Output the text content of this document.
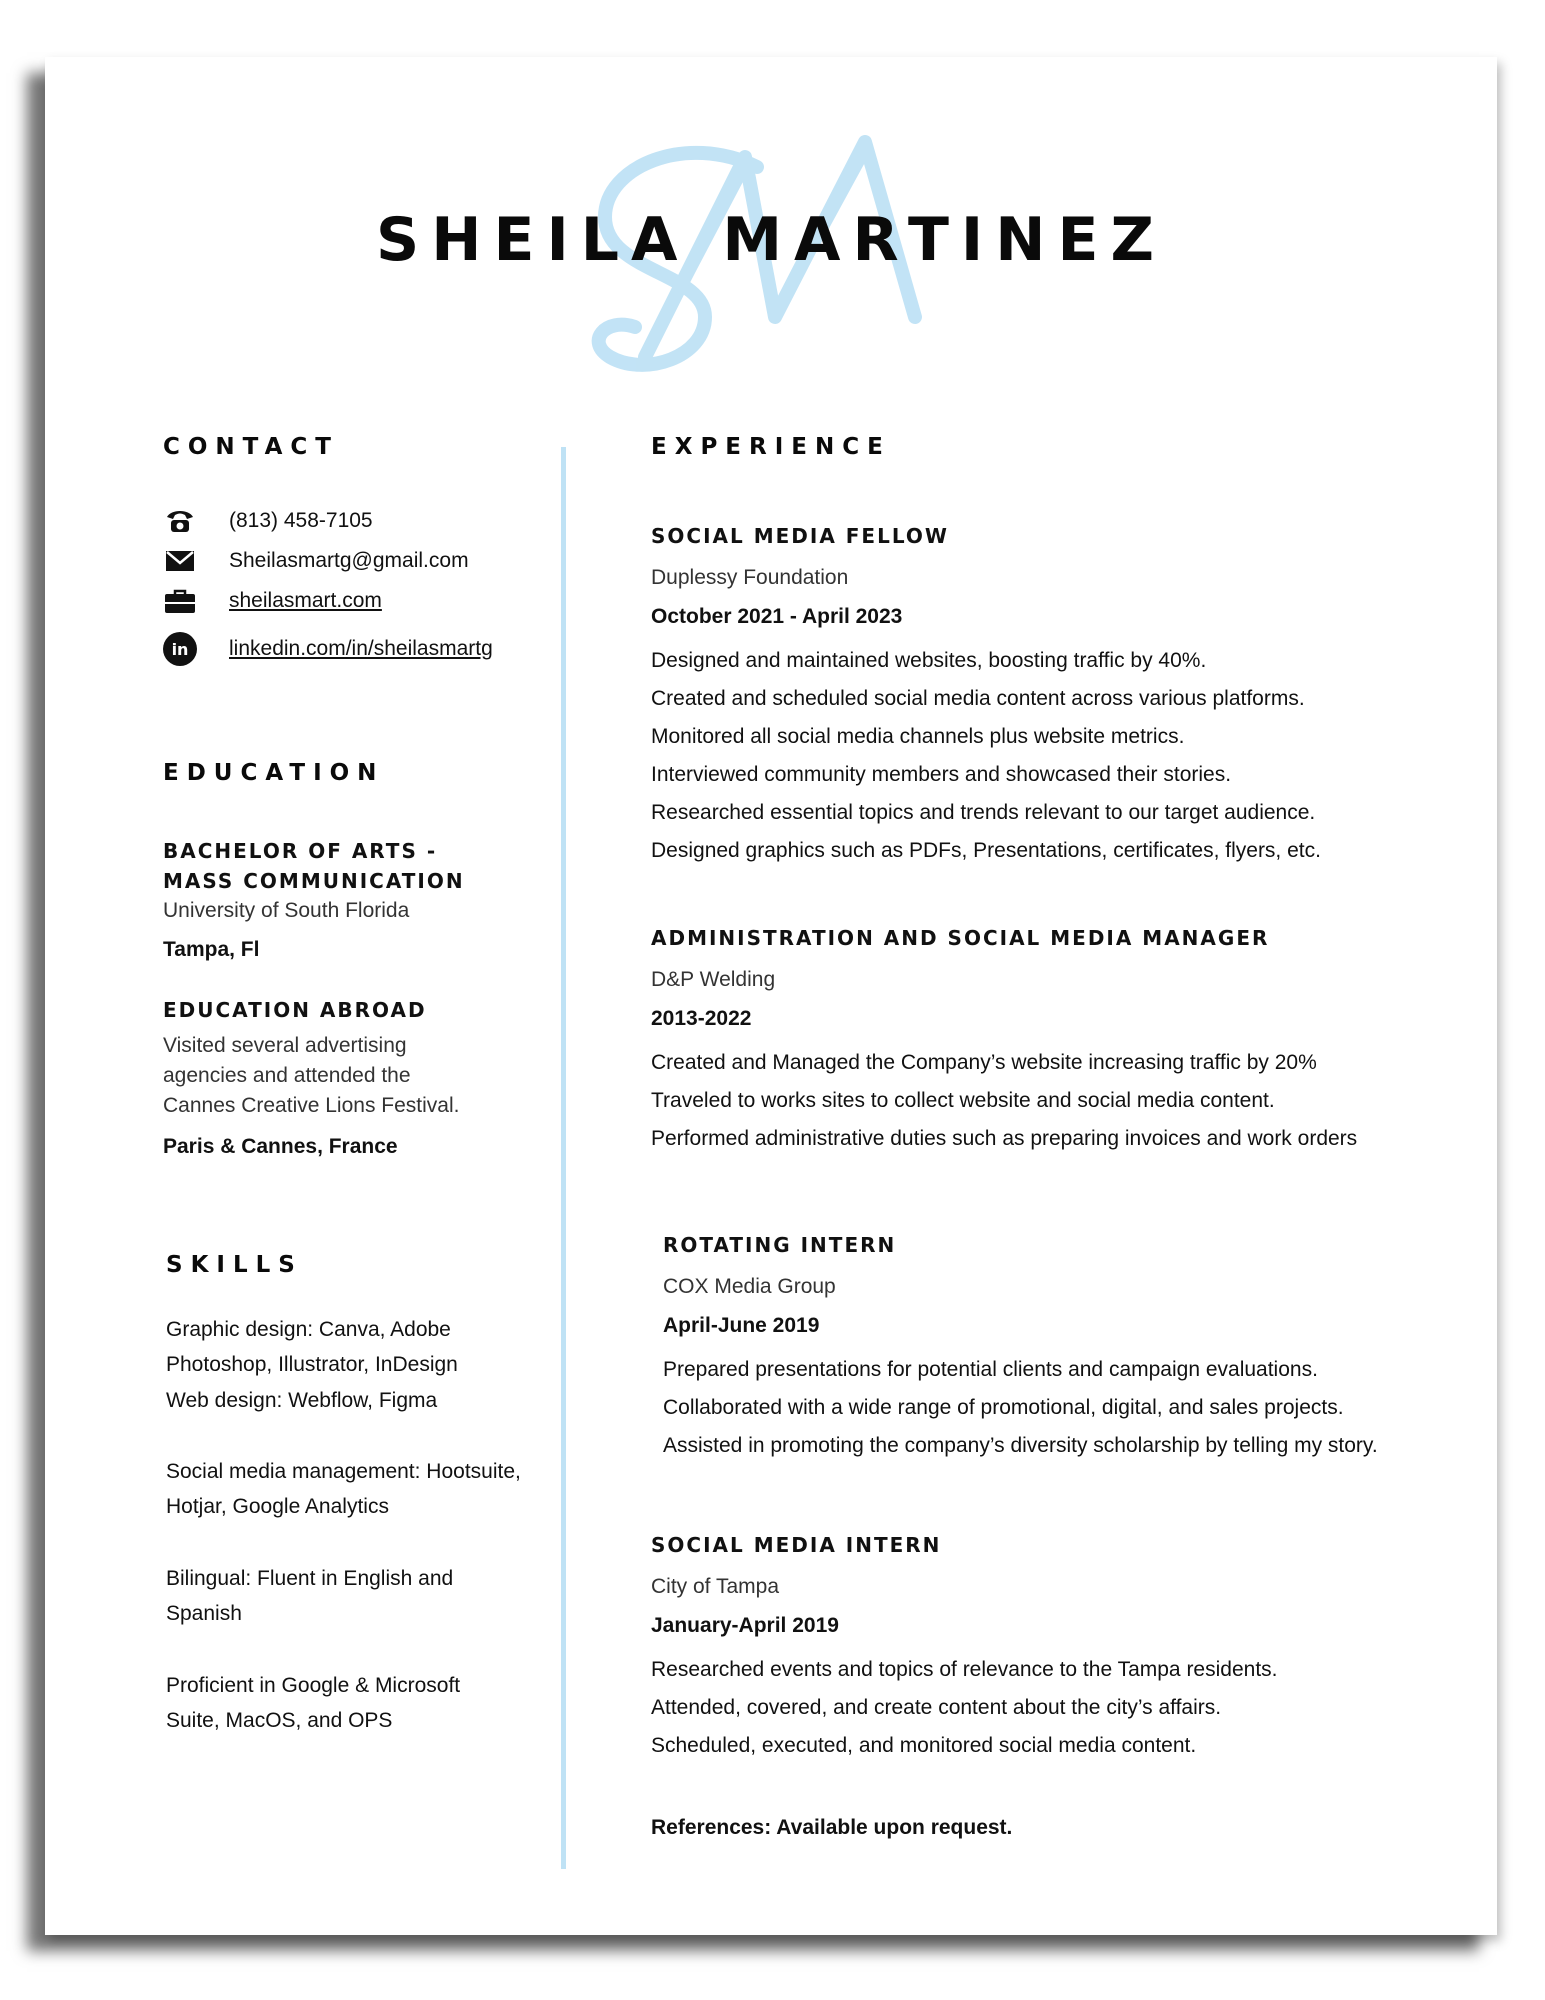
SHEILA MARTINEZ
CONTACT
(813) 458-7105
Sheilasmartg@gmail.com
sheilasmart.com
in linkedin.com/in/sheilasmartg
EDUCATION
BACHELOR OF ARTS -
MASS COMMUNICATION
University of South Florida
Tampa, Fl
EDUCATION ABROAD
Visited several advertising
agencies and attended the
Cannes Creative Lions Festival.
Paris & Cannes, France
SKILLS
Graphic design: Canva, Adobe
Photoshop, Illustrator, InDesign
Web design: Webflow, Figma
Social media management: Hootsuite,
Hotjar, Google Analytics
Bilingual: Fluent in English and
Spanish
Proficient in Google & Microsoft
Suite, MacOS, and OPS
EXPERIENCE
SOCIAL MEDIA FELLOW
Duplessy Foundation
October 2021 - April 2023
Designed and maintained websites, boosting traffic by 40%.
Created and scheduled social media content across various platforms.
Monitored all social media channels plus website metrics.
Interviewed community members and showcased their stories.
Researched essential topics and trends relevant to our target audience.
Designed graphics such as PDFs, Presentations, certificates, flyers, etc.
ADMINISTRATION AND SOCIAL MEDIA MANAGER
D&P Welding
2013-2022
Created and Managed the Company’s website increasing traffic by 20%
Traveled to works sites to collect website and social media content.
Performed administrative duties such as preparing invoices and work orders
ROTATING INTERN
COX Media Group
April-June 2019
Prepared presentations for potential clients and campaign evaluations.
Collaborated with a wide range of promotional, digital, and sales projects.
Assisted in promoting the company’s diversity scholarship by telling my story.
SOCIAL MEDIA INTERN
City of Tampa
January-April 2019
Researched events and topics of relevance to the Tampa residents.
Attended, covered, and create content about the city’s affairs.
Scheduled, executed, and monitored social media content.
References: Available upon request.
